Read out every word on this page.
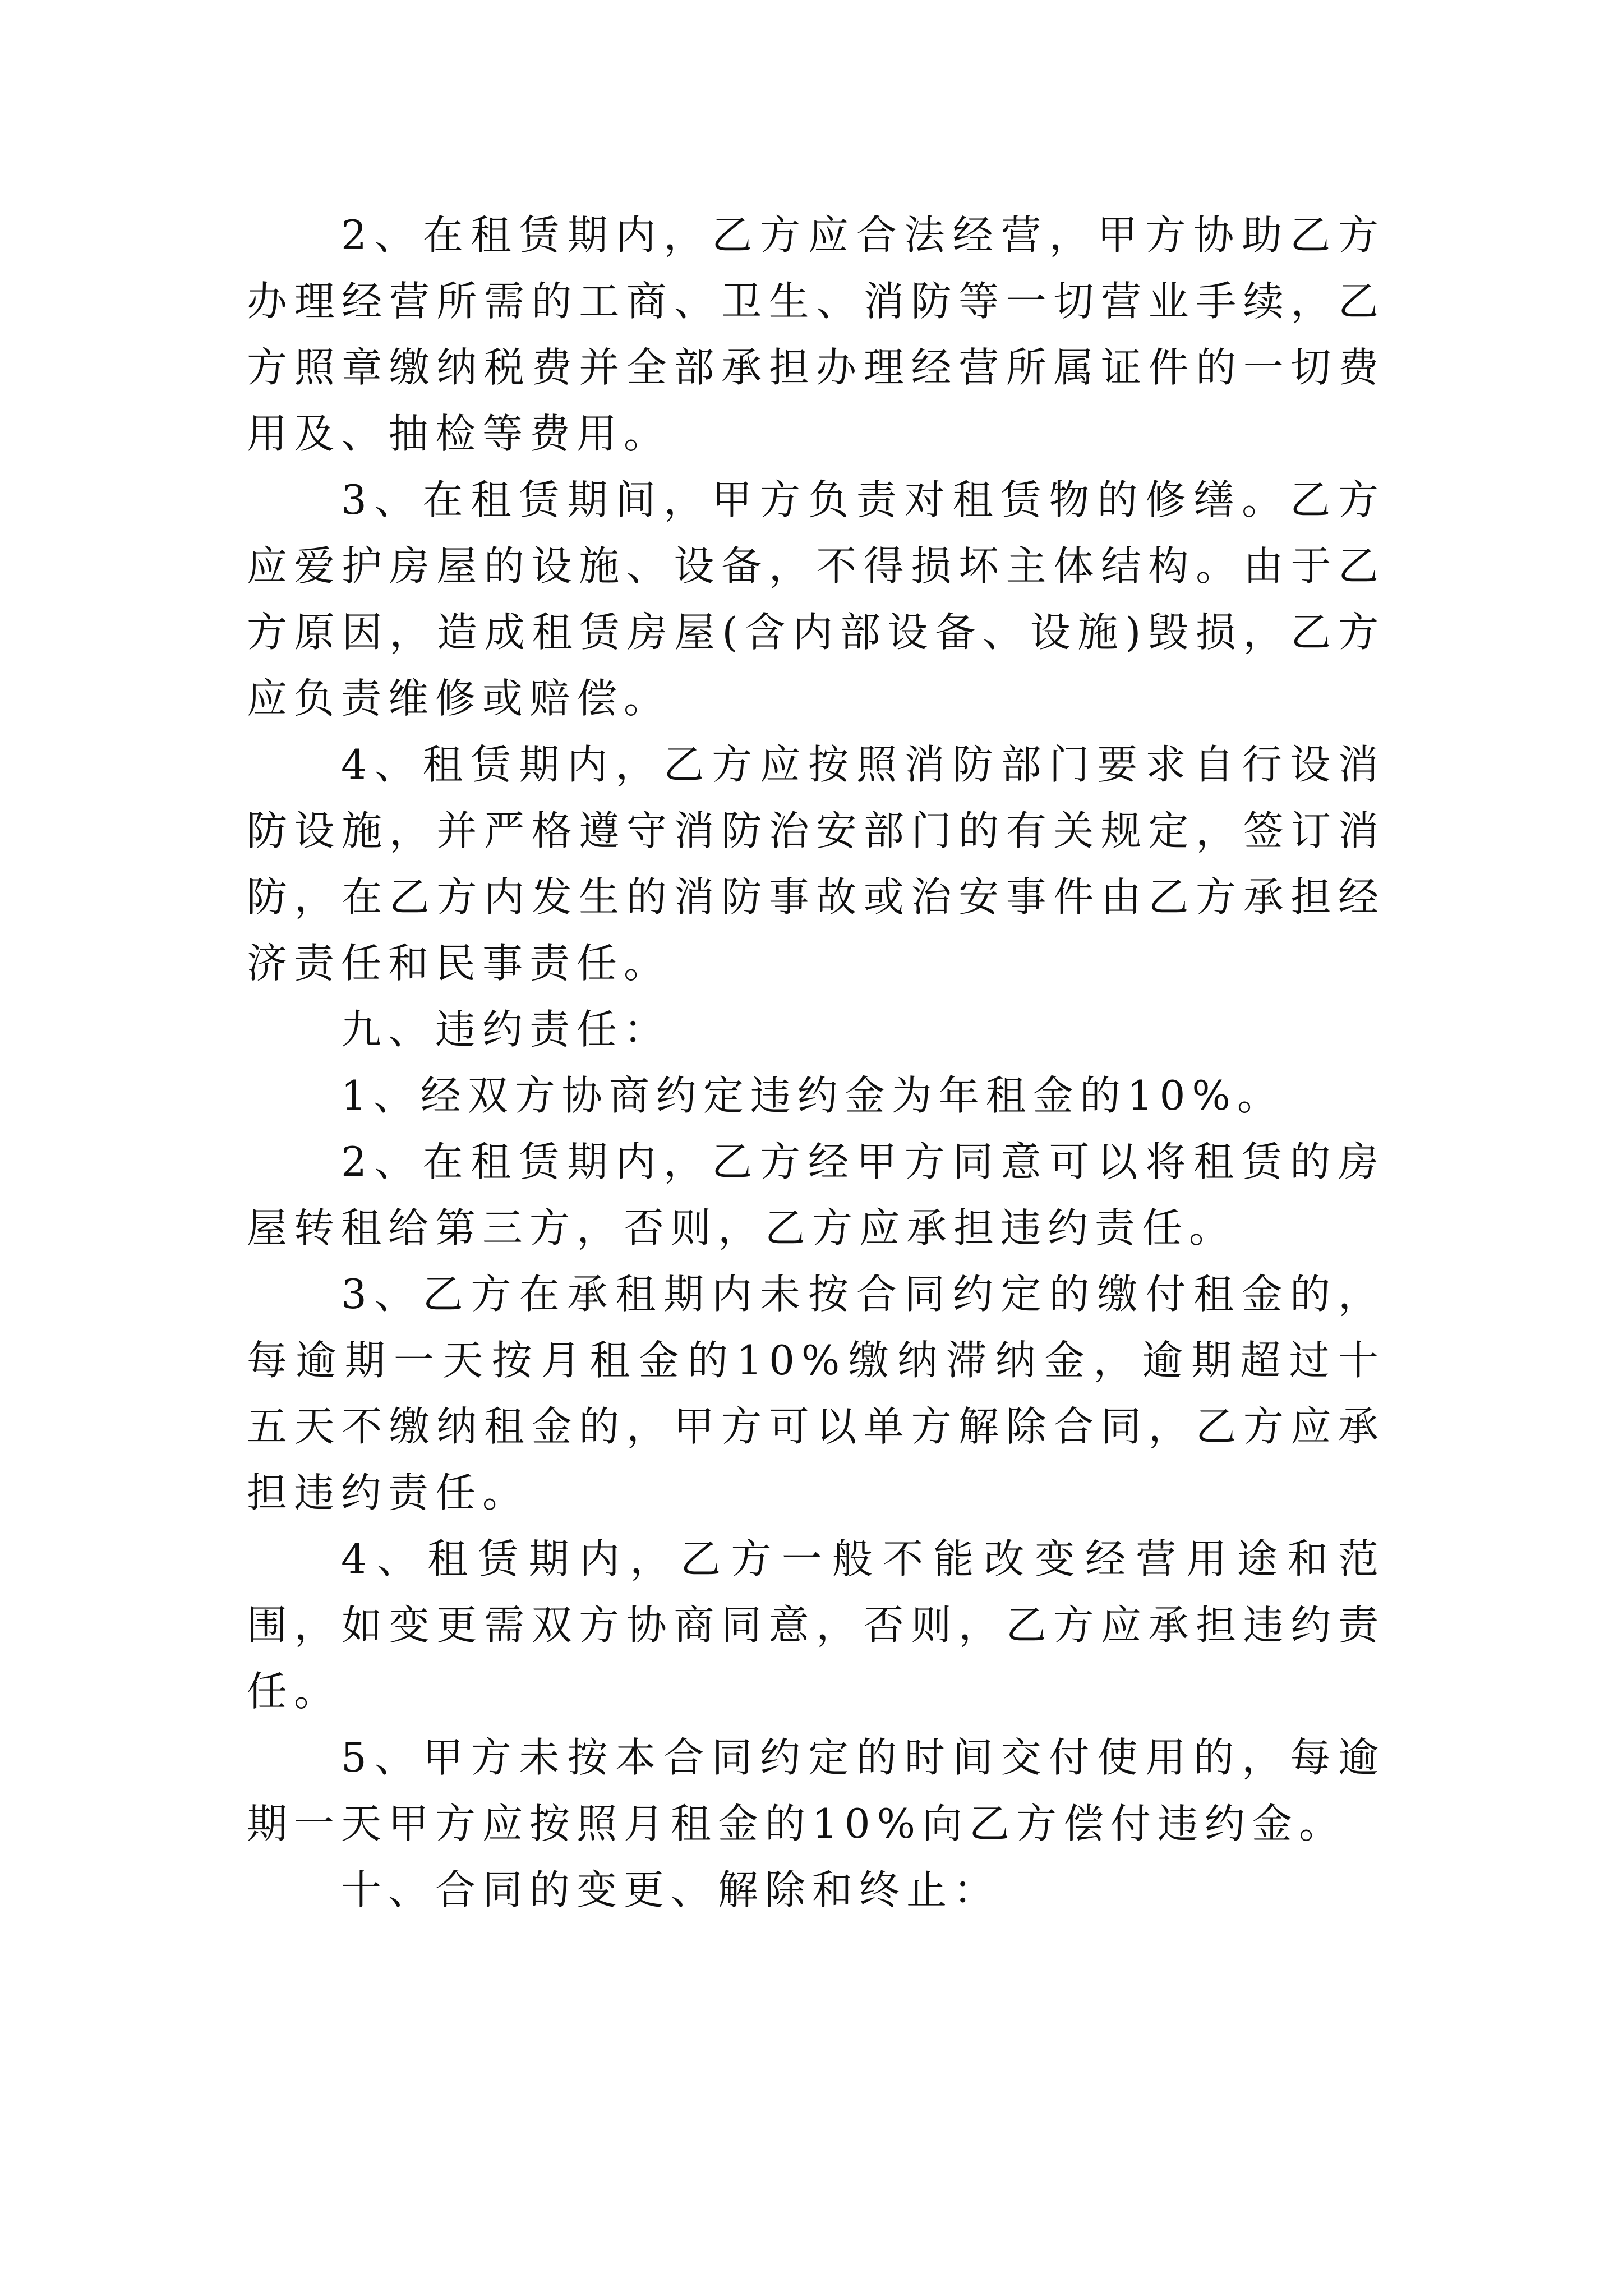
2、在租赁期内，乙方应合法经营，甲方协助乙方办理经营所需的工商、卫生、消防等一切营业手续，乙方照章缴纳税费并全部承担办理经营所属证件的一切费用及、抽检等费用。

3、在租赁期间，甲方负责对租赁物的修缮。乙方应爱护房屋的设施、设备，不得损坏主体结构。由于乙方原因，造成租赁房屋(含内部设备、设施)毁损，乙方应负责维修或赔偿。

4、租赁期内，乙方应按照消防部门要求自行设消防设施，并严格遵守消防治安部门的有关规定，签订消防，在乙方内发生的消防事故或治安事件由乙方承担经济责任和民事责任。

九、违约责任：

1、经双方协商约定违约金为年租金的10%。

2、在租赁期内，乙方经甲方同意可以将租赁的房屋转租给第三方，否则，乙方应承担违约责任。

3、乙方在承租期内未按合同约定的缴付租金的，每逾期一天按月租金的10%缴纳滞纳金，逾期超过十五天不缴纳租金的，甲方可以单方解除合同，乙方应承担违约责任。

4、租赁期内，乙方一般不能改变经营用途和范围，如变更需双方协商同意，否则，乙方应承担违约责任。

5、甲方未按本合同约定的时间交付使用的，每逾期一天甲方应按照月租金的10%向乙方偿付违约金。

十、合同的变更、解除和终止：
